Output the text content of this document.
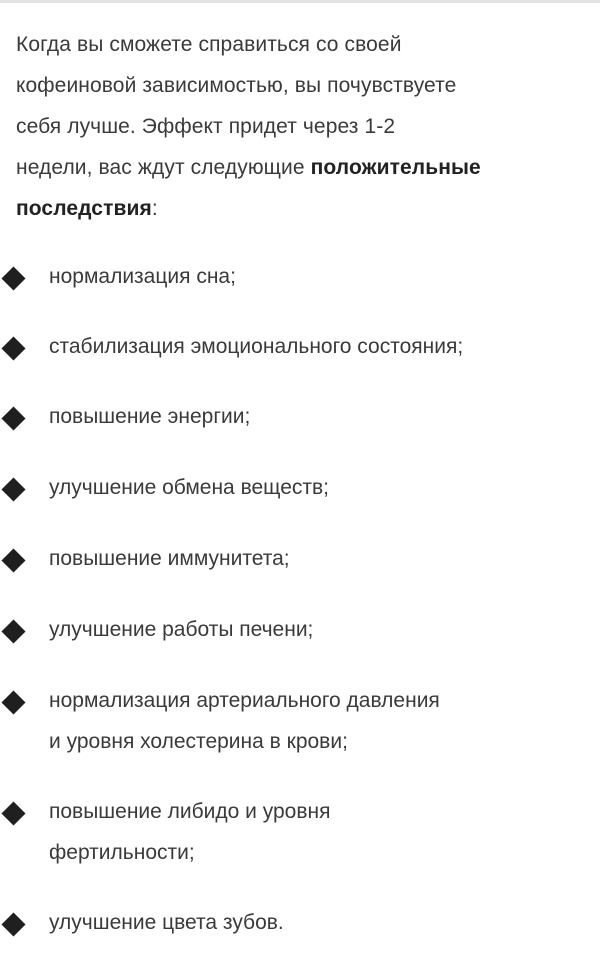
Когда вы сможете справиться со своей
кофеиновой зависимостью, вы почувствуете
себя лучше. Эффект придет через 1-2
недели, вас ждут следующие положительные
последствия:

нормализация сна;
стабилизация эмоционального состояния;
повышение энергии;
улучшение обмена веществ;
повышение иммунитета;
улучшение работы печени;
нормализация артериального давления
и уровня холестерина в крови;
повышение либидо и уровня
фертильности;
улучшение цвета зубов.
